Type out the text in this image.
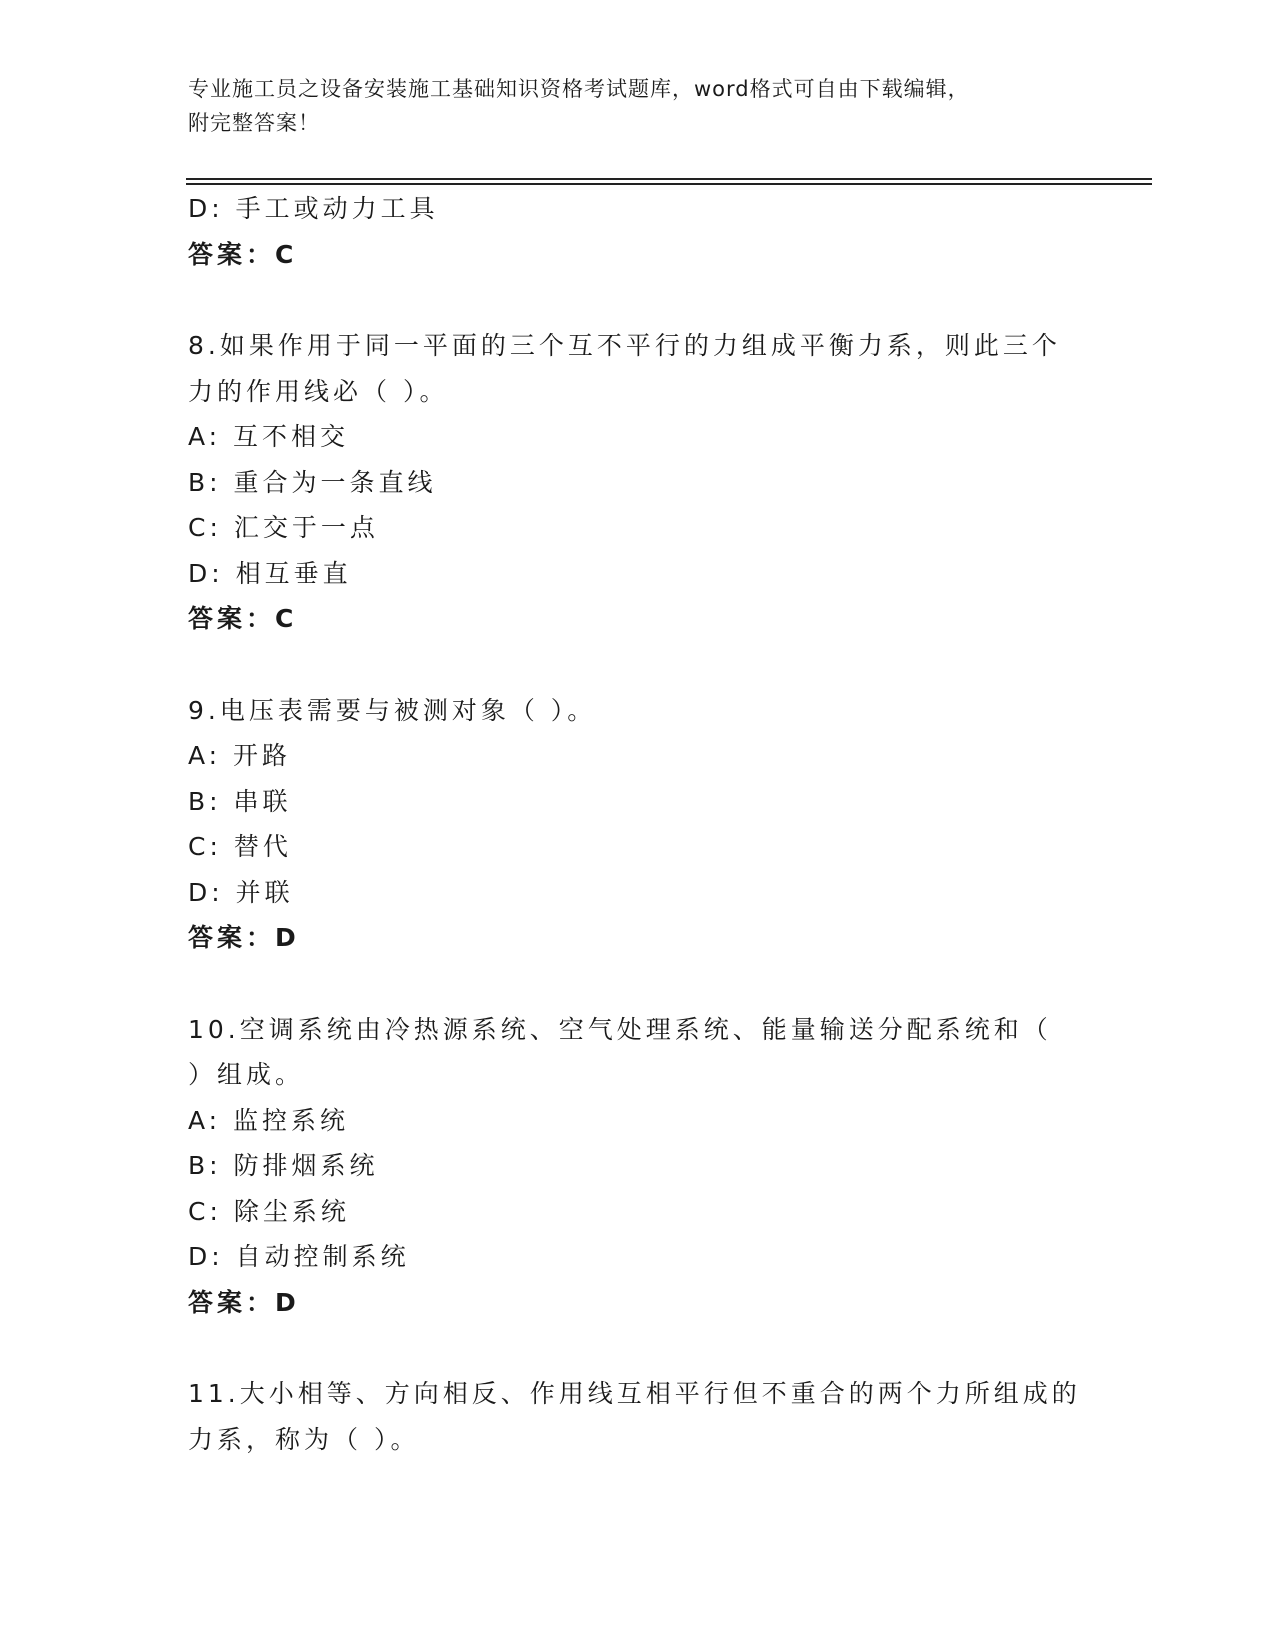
专业施工员之设备安装施工基础知识资格考试题库，word格式可自由下载编辑，
附完整答案！
D: 手工或动力工具
答案：C
8.如果作用于同一平面的三个互不平行的力组成平衡力系，则此三个
力的作用线必（ ）。
A: 互不相交
B: 重合为一条直线
C: 汇交于一点
D: 相互垂直
答案：C
9.电压表需要与被测对象（ ）。
A: 开路
B: 串联
C: 替代
D: 并联
答案：D
10.空调系统由冷热源系统、空气处理系统、能量输送分配系统和（
）组成。
A: 监控系统
B: 防排烟系统
C: 除尘系统
D: 自动控制系统
答案：D
11.大小相等、方向相反、作用线互相平行但不重合的两个力所组成的
力系，称为（ ）。
